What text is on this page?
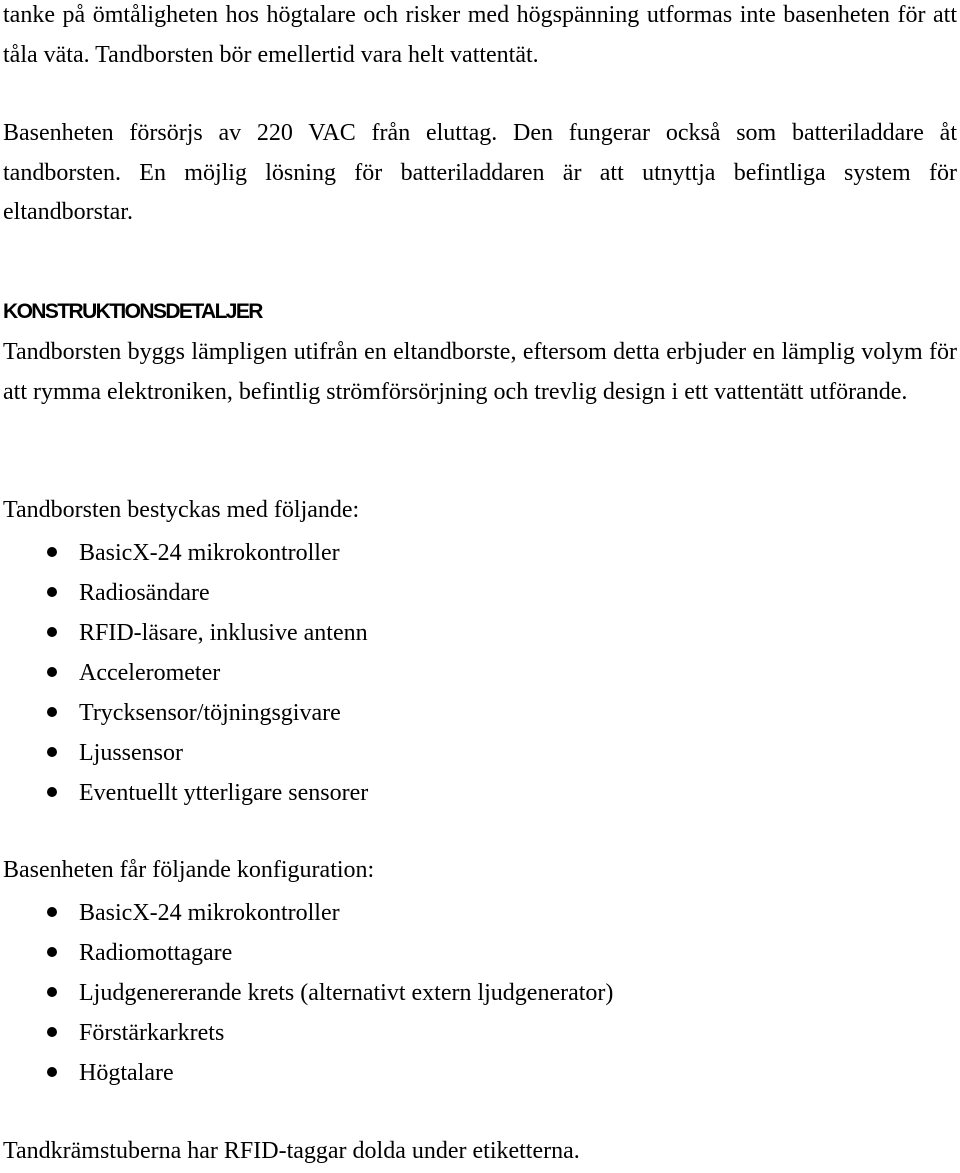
tanke på ömtåligheten hos högtalare och risker med högspänning utformas inte basenheten för att tåla väta. Tandborsten bör emellertid vara helt vattentät.

Basenheten försörjs av 220 VAC från eluttag. Den fungerar också som batteriladdare åt tandborsten. En möjlig lösning för batteriladdaren är att utnyttja befintliga system för eltandborstar.

KONSTRUKTIONSDETALJER

Tandborsten byggs lämpligen utifrån en eltandborste, eftersom detta erbjuder en lämplig volym för att rymma elektroniken, befintlig strömförsörjning och trevlig design i ett vattentätt utförande.

Tandborsten bestyckas med följande:

BasicX-24 mikrokontroller
Radiosändare
RFID-läsare, inklusive antenn
Accelerometer
Trycksensor/töjningsgivare
Ljussensor
Eventuellt ytterligare sensorer

Basenheten får följande konfiguration:

BasicX-24 mikrokontroller
Radiomottagare
Ljudgenererande krets (alternativt extern ljudgenerator)
Förstärkarkrets
Högtalare

Tandkrämstuberna har RFID-taggar dolda under etiketterna.
